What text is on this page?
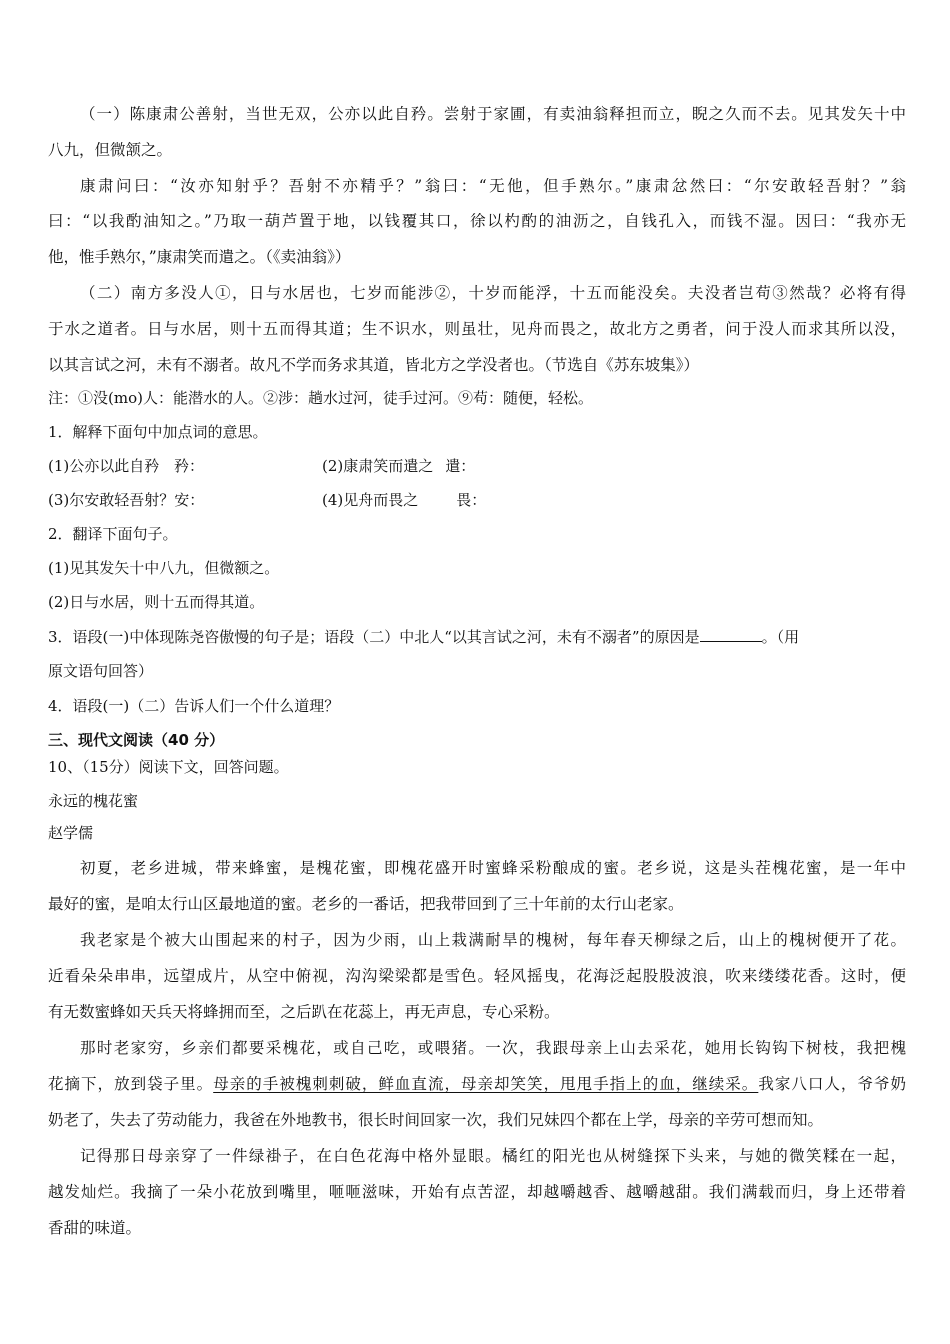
（一）陈康肃公善射，当世无双，公亦以此自矜。尝射于家圃，有卖油翁释担而立，睨之久而不去。见其发矢十中
八九，但微颔之。
康肃问曰：“汝亦知射乎？吾射不亦精乎？”翁曰：“无他，但手熟尔。”康肃忿然曰：“尔安敢轻吾射？”翁
曰：“以我酌油知之。”乃取一葫芦置于地，以钱覆其口，徐以杓酌的油沥之，自钱孔入，而钱不湿。因曰：“我亦无
他，惟手熟尔，”康肃笑而遣之。（《卖油翁》）
（二）南方多没人①，日与水居也，七岁而能涉②，十岁而能浮，十五而能没矣。夫没者岂苟③然哉？必将有得
于水之道者。日与水居，则十五而得其道；生不识水，则虽壮，见舟而畏之，故北方之勇者，问于没人而求其所以没，
以其言试之河，未有不溺者。故凡不学而务求其道，皆北方之学没者也。（节选自《苏东坡集》）
注：①没(mo)人：能潜水的人。②涉：趟水过河，徒手过河。⑨苟：随便，轻松。
1．解释下面句中加点词的意思。
(1)公亦以此自矜 矜：	(2)康肃笑而遣之 遣：
(3)尔安敢轻吾射？安：	(4)见舟而畏之	畏：
2．翻译下面句子。
(1)见其发矢十中八九，但微额之。
(2)日与水居，则十五而得其道。
3．语段(一)中体现陈尧咨傲慢的句子是；语段（二）中北人“以其言试之河，未有不溺者”的原因是	。（用
原文语句回答）
4．语段(一)（二）告诉人们一个什么道理？
三、现代文阅读（40 分）
10、（15分）阅读下文，回答问题。
永远的槐花蜜
赵学儒
初夏，老乡进城，带来蜂蜜，是槐花蜜，即槐花盛开时蜜蜂采粉酿成的蜜。老乡说，这是头茬槐花蜜，是一年中
最好的蜜，是咱太行山区最地道的蜜。老乡的一番话，把我带回到了三十年前的太行山老家。
我老家是个被大山围起来的村子，因为少雨，山上栽满耐旱的槐树，每年春天柳绿之后，山上的槐树便开了花。
近看朵朵串串，远望成片，从空中俯视，沟沟梁梁都是雪色。轻风摇曳，花海泛起股股波浪，吹来缕缕花香。这时，便
有无数蜜蜂如天兵天将蜂拥而至，之后趴在花蕊上，再无声息，专心采粉。
那时老家穷，乡亲们都要采槐花，或自己吃，或喂猪。一次，我跟母亲上山去采花，她用长钩钩下树枝，我把槐
花摘下，放到袋子里。母亲的手被槐刺刺破，鲜血直流，母亲却笑笑，甩甩手指上的血，继续采。我家八口人，爷爷奶
奶老了，失去了劳动能力，我爸在外地教书，很长时间回家一次，我们兄妹四个都在上学，母亲的辛劳可想而知。
记得那日母亲穿了一件绿褂子，在白色花海中格外显眼。橘红的阳光也从树缝探下头来，与她的微笑糅在一起，
越发灿烂。我摘了一朵小花放到嘴里，咂咂滋味，开始有点苦涩，却越嚼越香、越嚼越甜。我们满载而归，身上还带着
香甜的味道。
